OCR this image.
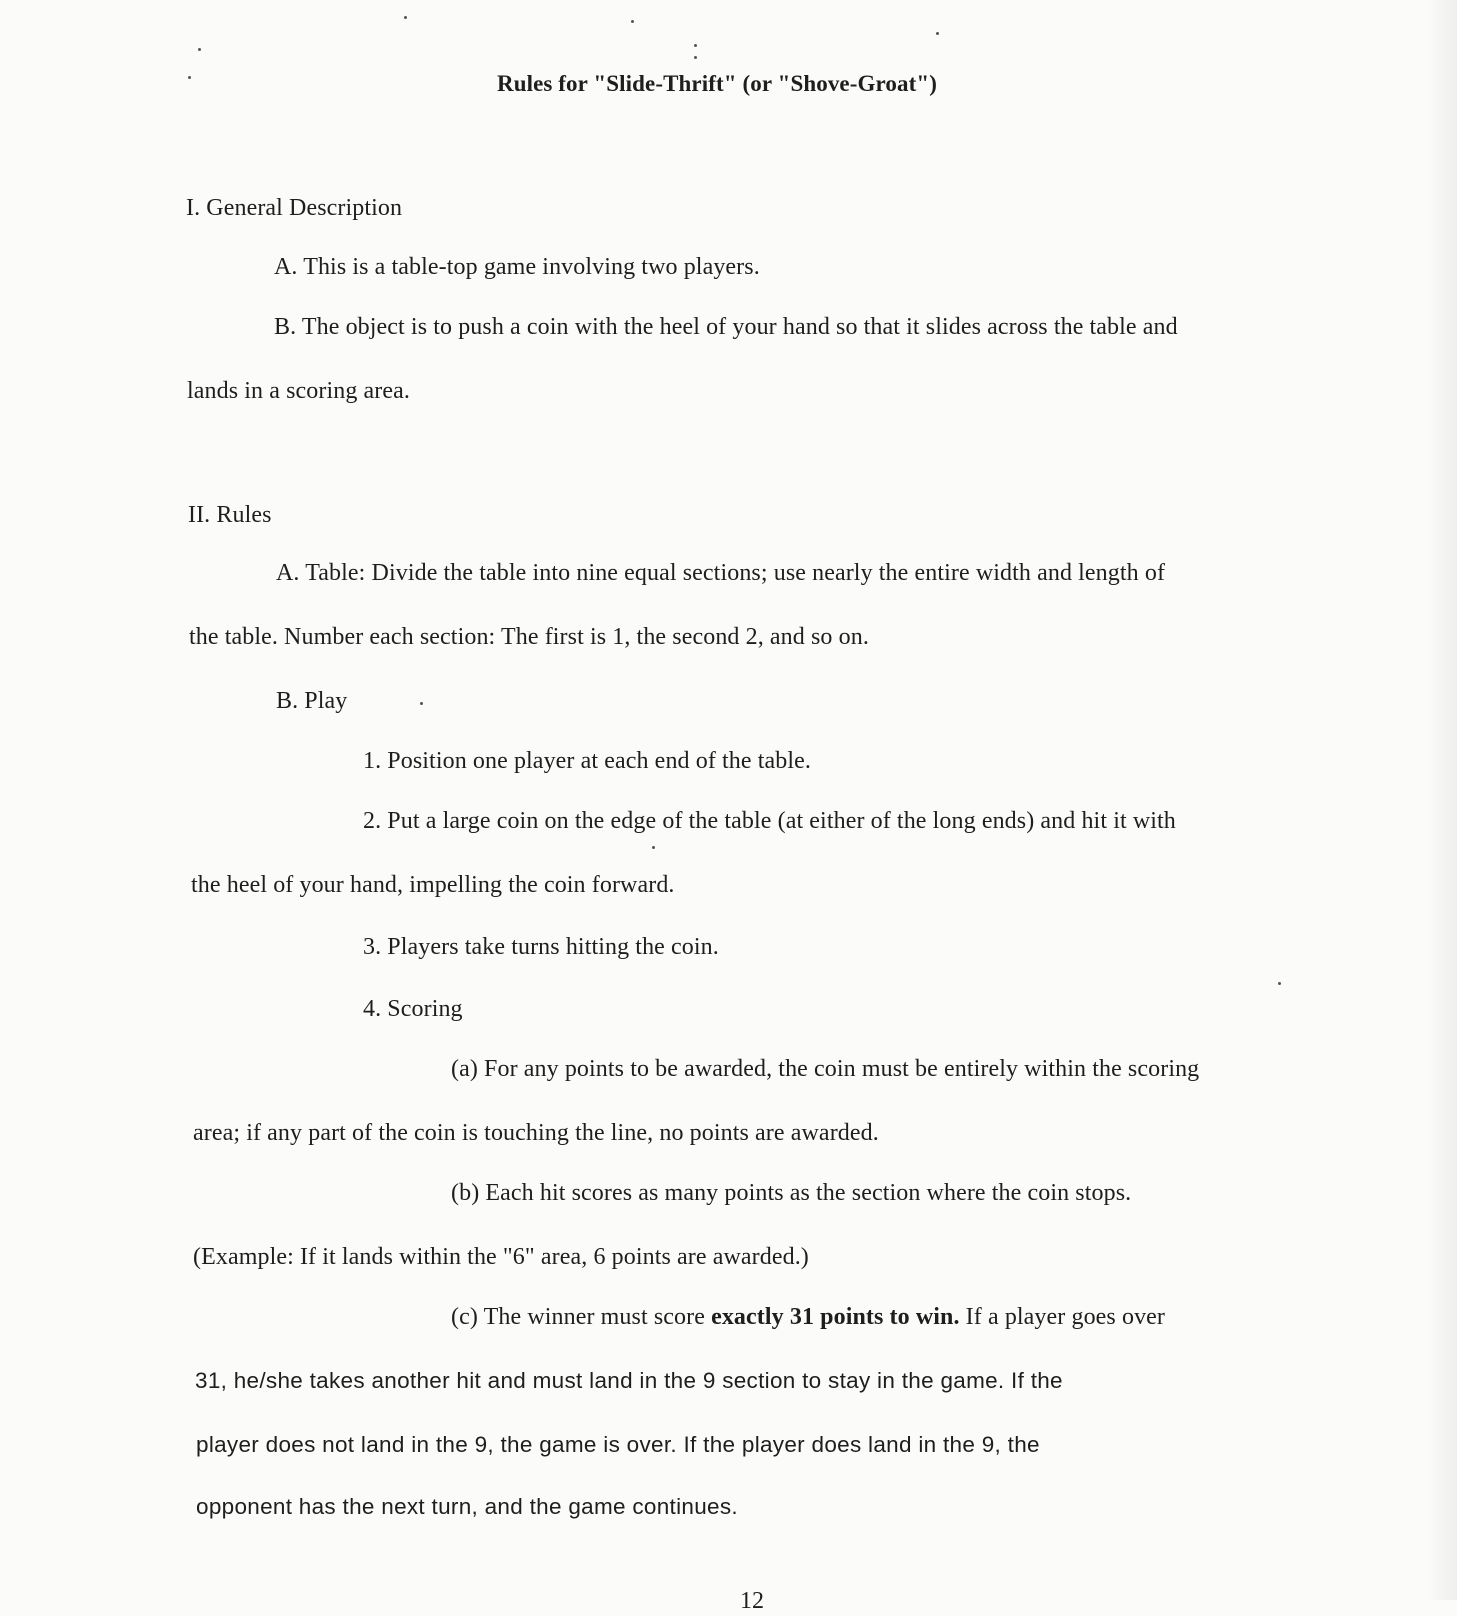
Rules for "Slide-Thrift" (or "Shove-Groat")
I. General Description
A. This is a table-top game involving two players.
B. The object is to push a coin with the heel of your hand so that it slides across the table and
lands in a scoring area.
II. Rules
A. Table: Divide the table into nine equal sections; use nearly the entire width and length of
the table. Number each section: The first is 1, the second 2, and so on.
B. Play
1. Position one player at each end of the table.
2. Put a large coin on the edge of the table (at either of the long ends) and hit it with
the heel of your hand, impelling the coin forward.
3. Players take turns hitting the coin.
4. Scoring
(a) For any points to be awarded, the coin must be entirely within the scoring
area; if any part of the coin is touching the line, no points are awarded.
(b) Each hit scores as many points as the section where the coin stops.
(Example: If it lands within the "6" area, 6 points are awarded.)
(c) The winner must score exactly 31 points to win. If a player goes over
31, he/she takes another hit and must land in the 9 section to stay in the game. If the
player does not land in the 9, the game is over. If the player does land in the 9, the
opponent has the next turn, and the game continues.
12
